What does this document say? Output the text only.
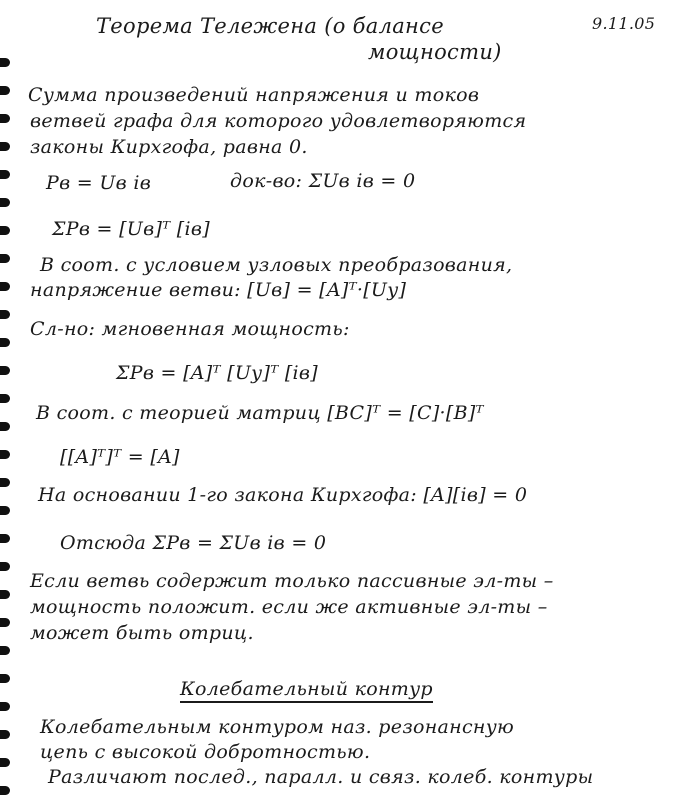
Теорема Тележена (о балансе
мощности)
9.11.05
Сумма произведений напряжения и токов
ветвей графа для которого удовлетворяются
законы Кирхгофа, равна 0.
Pв = Uв iв	док-во: ΣUв iв = 0
ΣPв = [Uв]ᵀ [iв]
В соот. с условием узловых преобразования,
напряжение ветви: [Uв] = [A]ᵀ·[Uу]
Сл-но: мгновенная мощность:
ΣPв = [A]ᵀ [Uу]ᵀ [iв]
В соот. с теорией матриц [BC]ᵀ = [C]·[B]ᵀ
[[A]ᵀ]ᵀ = [A]
На основании 1-го закона Кирхгофа: [A][iв] = 0
Отсюда ΣPв = ΣUв iв = 0
Если ветвь содержит только пассивные эл-ты –
мощность положит. если же активные эл-ты –
может быть отриц.
Колебательный контур
Колебательным контуром наз. резонансную
цепь с высокой добротностью.
Различают послед., паралл. и связ. колеб. контуры
